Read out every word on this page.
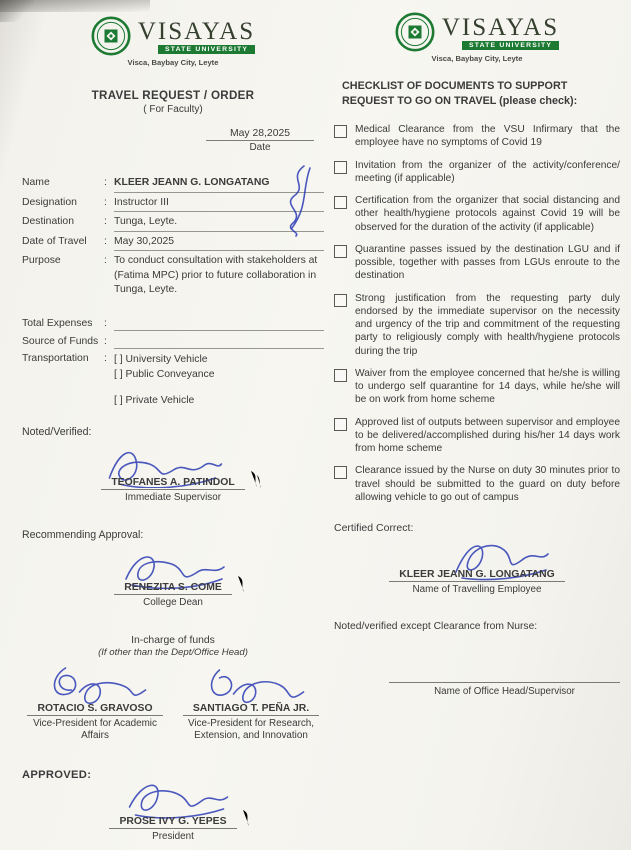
VISAYAS
STATE UNIVERSITY
Visca, Baybay City, Leyte
TRAVEL REQUEST / ORDER
( For Faculty)
May 28,2025
Date
Name	: KLEER JEANN G. LONGATANG
Designation	: Instructor III
Destination	: Tunga, Leyte.
Date of Travel	: May 30,2025
Purpose	: To conduct consultation with stakeholders at
(Fatima MPC) prior to future collaboration in
Tunga, Leyte.
Total Expenses	:
Source of Funds :
Transportation	: [ ] University Vehicle
[ ] Public Conveyance
[ ] Private Vehicle
Noted/Verified:
TEOFANES A. PATINDOL
Immediate Supervisor
Recommending Approval:
RENEZITA S. COME
College Dean
In-charge of funds
(If other than the Dept/Office Head)
ROTACIO S. GRAVOSO
Vice-President for Academic Affairs
SANTIAGO T. PEÑA JR.
Vice-President for Research, Extension, and Innovation
APPROVED:
PROSE IVY G. YEPES
President
VISAYAS
STATE UNIVERSITY
Visca, Baybay City, Leyte
CHECKLIST OF DOCUMENTS TO SUPPORT REQUEST TO GO ON TRAVEL (please check):
Medical Clearance from the VSU Infirmary that the employee have no symptoms of Covid 19
Invitation from the organizer of the activity/conference/ meeting (if applicable)
Certification from the organizer that social distancing and other health/hygiene protocols against Covid 19 will be observed for the duration of the activity (if applicable)
Quarantine passes issued by the destination LGU and if possible, together with passes from LGUs enroute to the destination
Strong justification from the requesting party duly endorsed by the immediate supervisor on the necessity and urgency of the trip and commitment of the requesting party to religiously comply with health/hygiene protocols during the trip
Waiver from the employee concerned that he/she is willing to undergo self quarantine for 14 days, while he/she will be on work from home scheme
Approved list of outputs between supervisor and employee to be delivered/accomplished during his/her 14 days work from home scheme
Clearance issued by the Nurse on duty 30 minutes prior to travel should be submitted to the guard on duty before allowing vehicle to go out of campus
Certified Correct:
KLEER JEANN G. LONGATANG
Name of Travelling Employee
Noted/verified except Clearance from Nurse:
Name of Office Head/Supervisor
